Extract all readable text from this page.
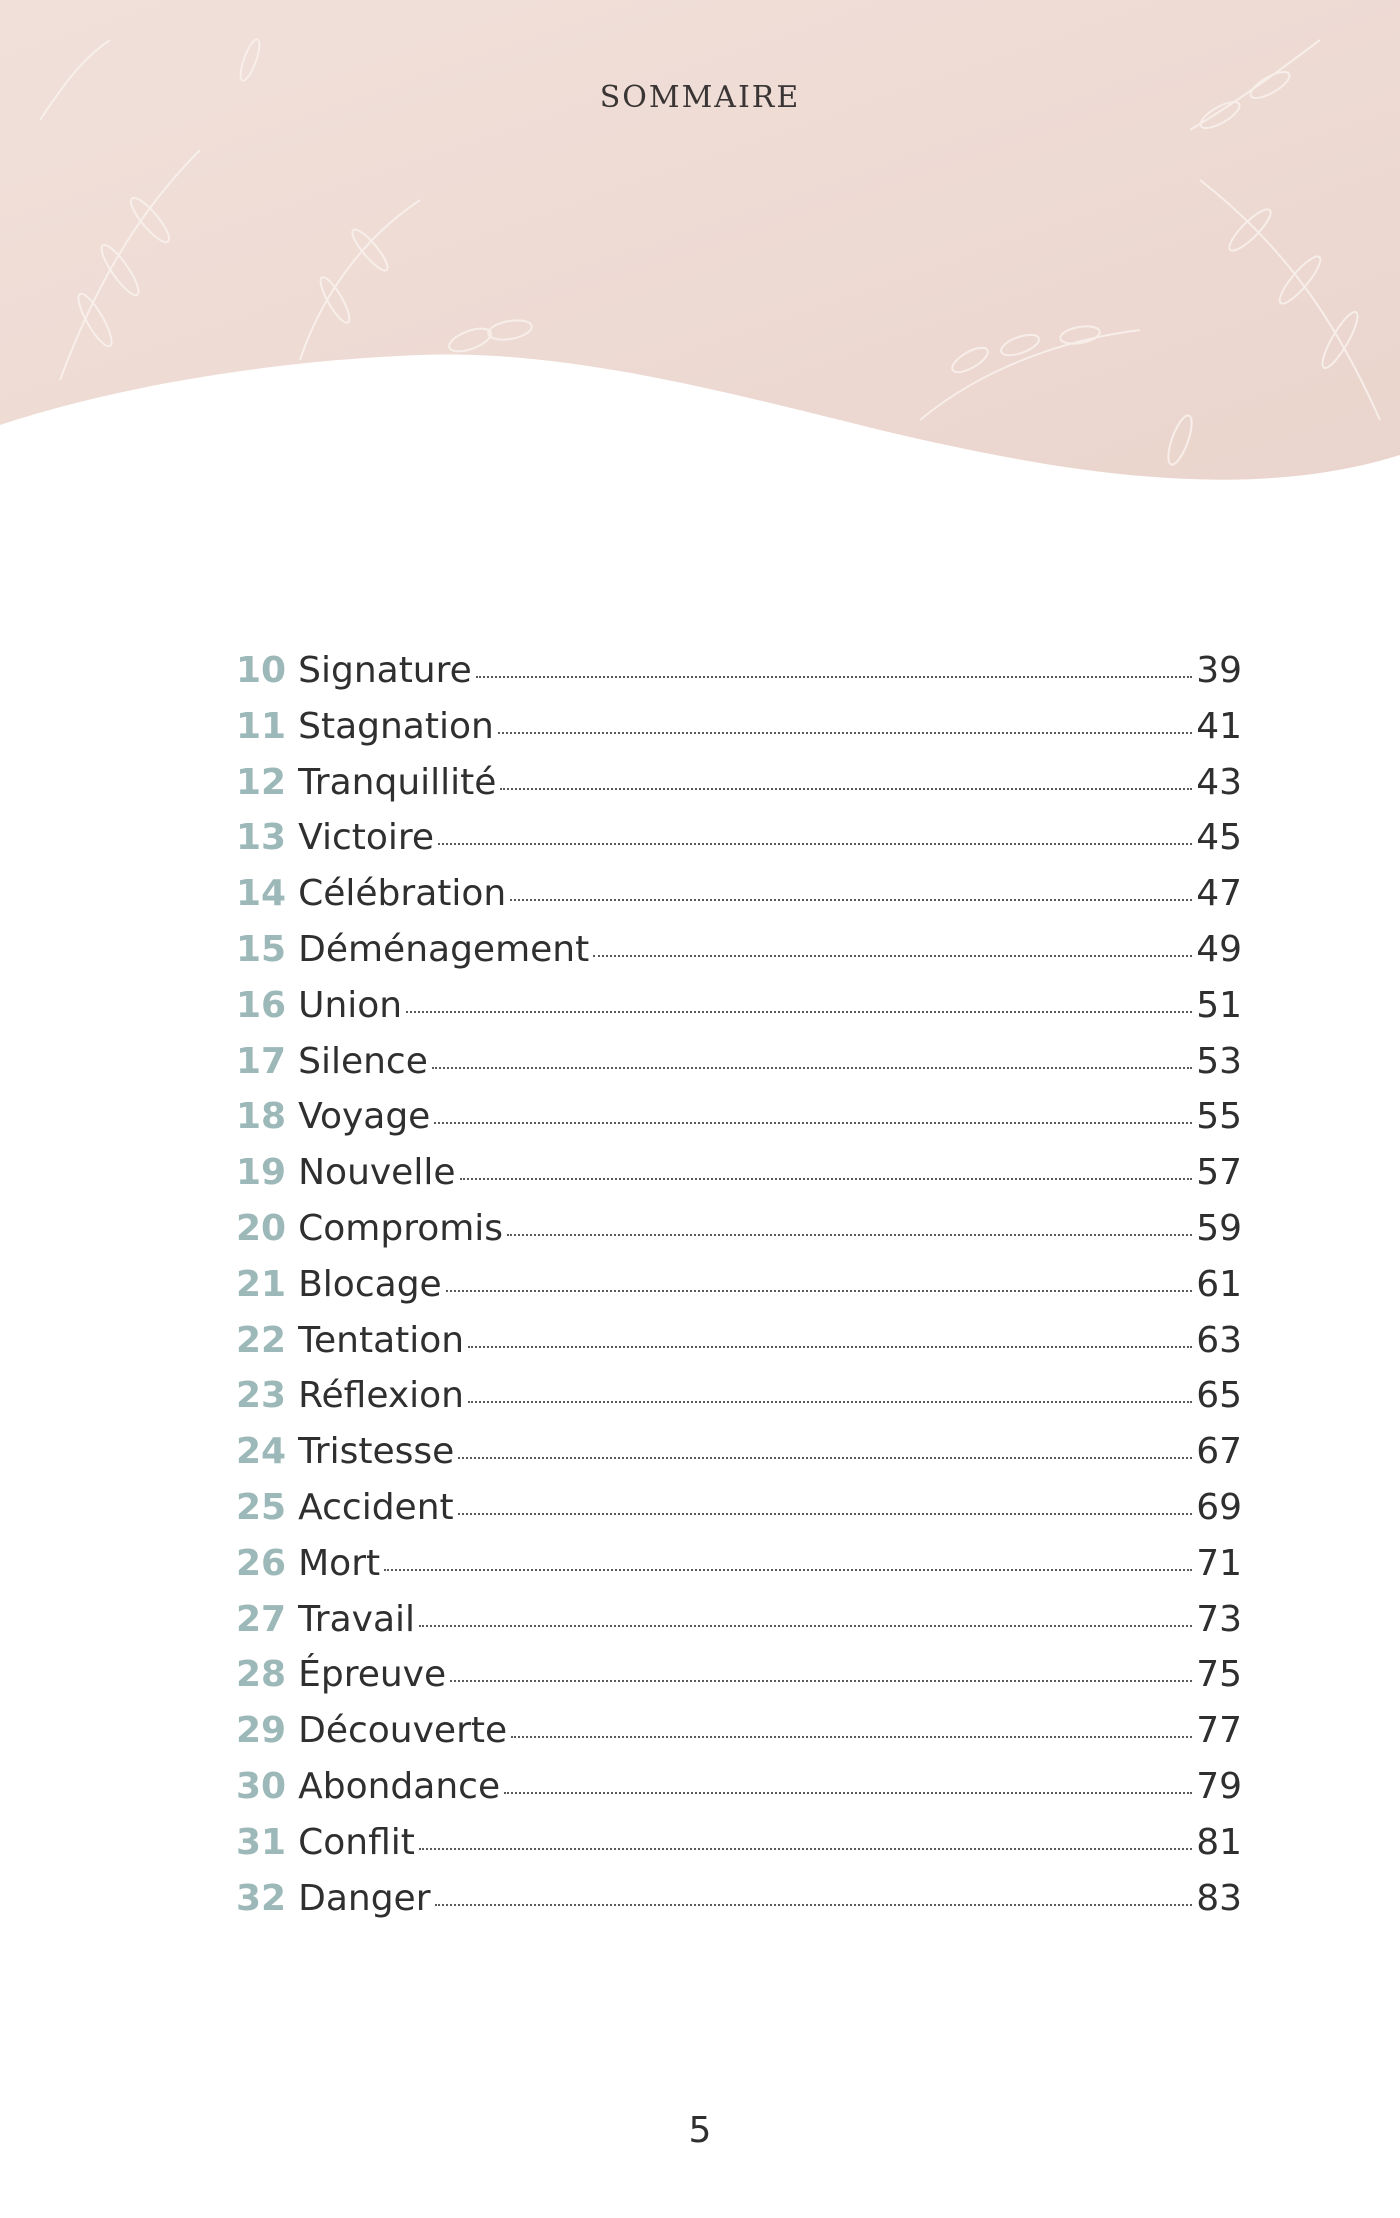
SOMMAIRE
10 Signature	39
11 Stagnation	41
12 Tranquillité	43
13 Victoire	45
14 Célébration	47
15 Déménagement	49
16 Union	51
17 Silence	53
18 Voyage	55
19 Nouvelle	57
20 Compromis	59
21 Blocage	61
22 Tentation	63
23 Réflexion	65
24 Tristesse	67
25 Accident	69
26 Mort	71
27 Travail	73
28 Épreuve	75
29 Découverte	77
30 Abondance	79
31 Conflit	81
32 Danger	83
5
